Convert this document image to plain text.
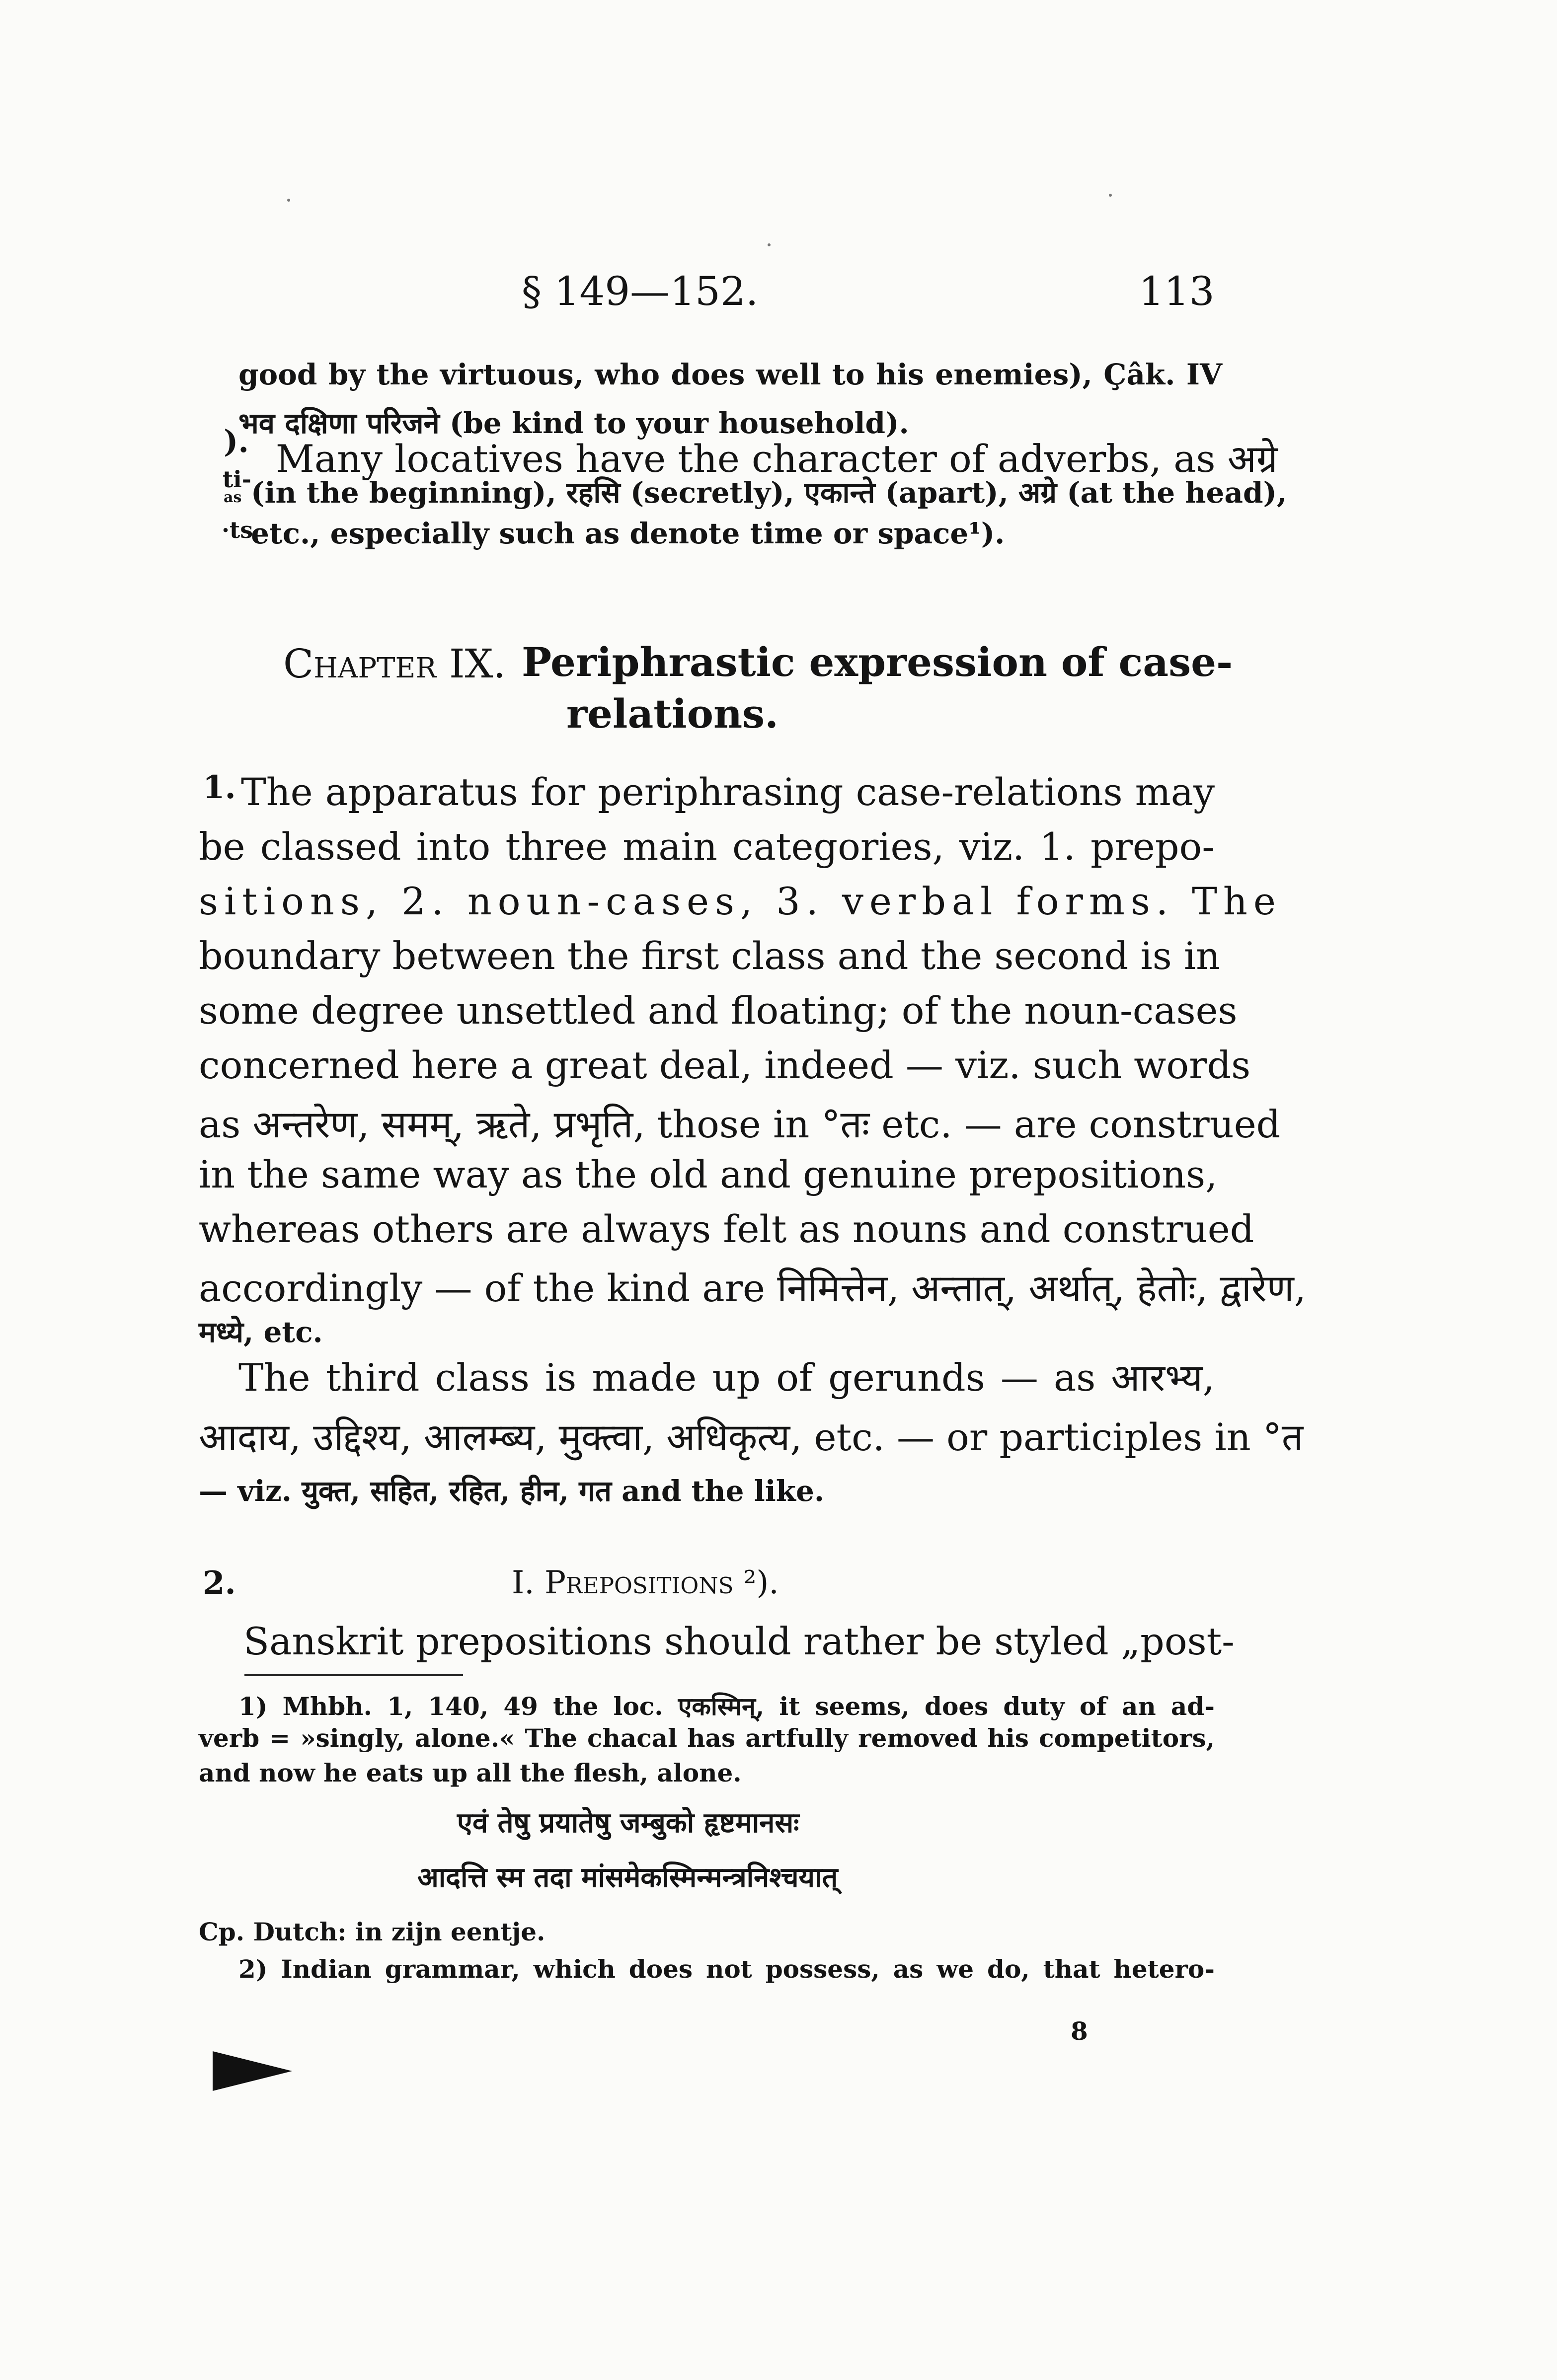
§ 149—152.	113
).
ti-
as
·ts
good by the virtuous, who does well to his enemies), Çâk. IV
भव दक्षिणा परिजने (be kind to your household).
Many locatives have the character of adverbs, as अग्रे
(in the beginning), रहसि (secretly), एकान्ते (apart), अग्रे (at the head),
etc., especially such as denote time or space¹).
Chapter IX. Periphrastic expression of case-
relations.
1. The apparatus for periphrasing case-relations may
be classed into three main categories, viz. 1. prepo-
sitions, 2. noun-cases, 3. verbal forms. The
boundary between the first class and the second is in
some degree unsettled and floating; of the noun-cases
concerned here a great deal, indeed — viz. such words
as अन्तरेण, समम्, ऋते, प्रभृति, those in °तः etc. — are construed
in the same way as the old and genuine prepositions,
whereas others are always felt as nouns and construed
accordingly — of the kind are निमित्तेन, अन्तात्, अर्थात्, हेतोः, द्वारेण,
मध्ये, etc.
The third class is made up of gerunds — as आरभ्य,
आदाय, उद्दिश्य, आलम्ब्य, मुक्त्वा, अधिकृत्य, etc. — or participles in °त
— viz. युक्त, सहित, रहित, हीन, गत and the like.
2.	I. Prepositions ²).
Sanskrit prepositions should rather be styled „post-
1) Mhbh. 1, 140, 49 the loc. एकस्मिन्, it seems, does duty of an ad-
verb = »singly, alone.« The chacal has artfully removed his competitors,
and now he eats up all the flesh, alone.
एवं तेषु प्रयातेषु जम्बुको हृष्टमानसः
आदत्ति स्म तदा मांसमेकस्मिन्मन्त्रनिश्चयात्
Cp. Dutch: in zijn eentje.
2) Indian grammar, which does not possess, as we do, that hetero-
8
